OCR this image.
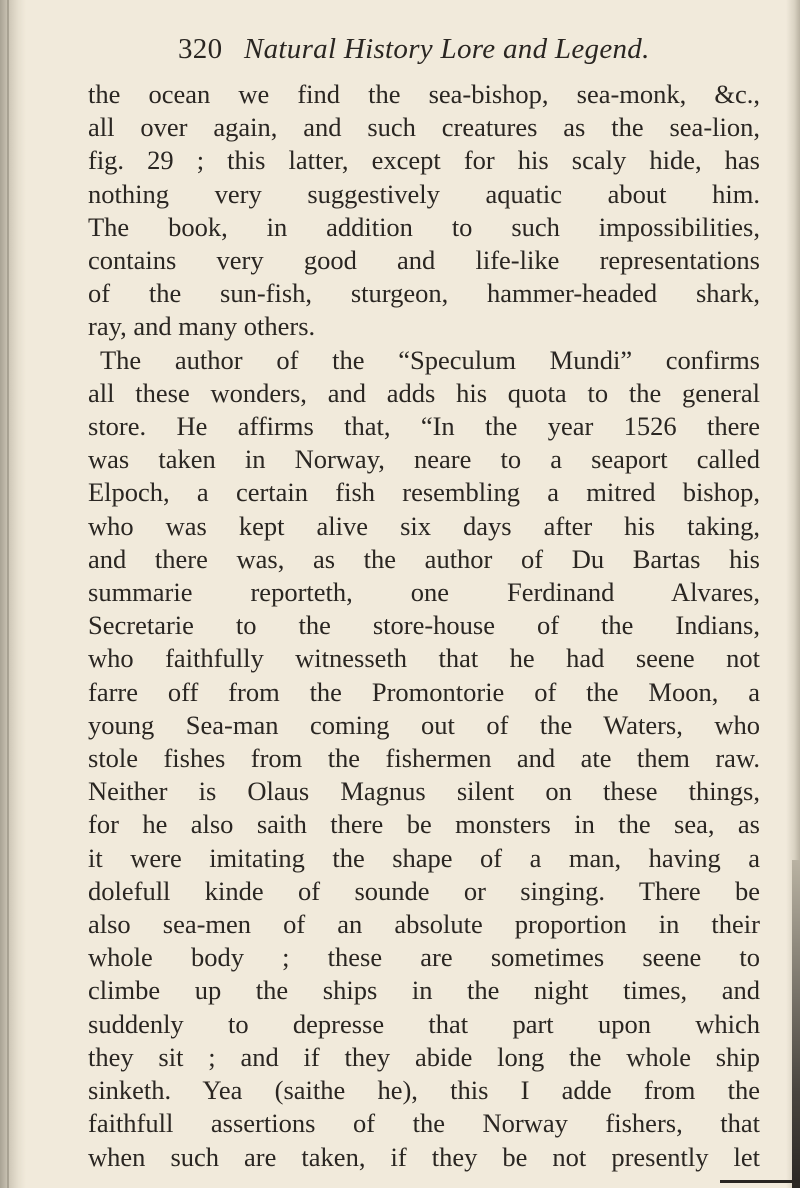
320 Natural History Lore and Legend.
the ocean we find the sea-bishop, sea-monk, &c.,
all over again, and such creatures as the sea-lion,
fig. 29 ; this latter, except for his scaly hide, has
nothing very suggestively aquatic about him.
The book, in addition to such impossibilities,
contains very good and life-like representations
of the sun-fish, sturgeon, hammer-headed shark,
ray, and many others.
The author of the “Speculum Mundi” confirms
all these wonders, and adds his quota to the general
store. He affirms that, “In the year 1526 there
was taken in Norway, neare to a seaport called
Elpoch, a certain fish resembling a mitred bishop,
who was kept alive six days after his taking,
and there was, as the author of Du Bartas his
summarie reporteth, one Ferdinand Alvares,
Secretarie to the store-house of the Indians,
who faithfully witnesseth that he had seene not
farre off from the Promontorie of the Moon, a
young Sea-man coming out of the Waters, who
stole fishes from the fishermen and ate them raw.
Neither is Olaus Magnus silent on these things,
for he also saith there be monsters in the sea, as
it were imitating the shape of a man, having a
dolefull kinde of sounde or singing. There be
also sea-men of an absolute proportion in their
whole body ; these are sometimes seene to
climbe up the ships in the night times, and
suddenly to depresse that part upon which
they sit ; and if they abide long the whole ship
sinketh. Yea (saithe he), this I adde from the
faithfull assertions of the Norway fishers, that
when such are taken, if they be not presently let
